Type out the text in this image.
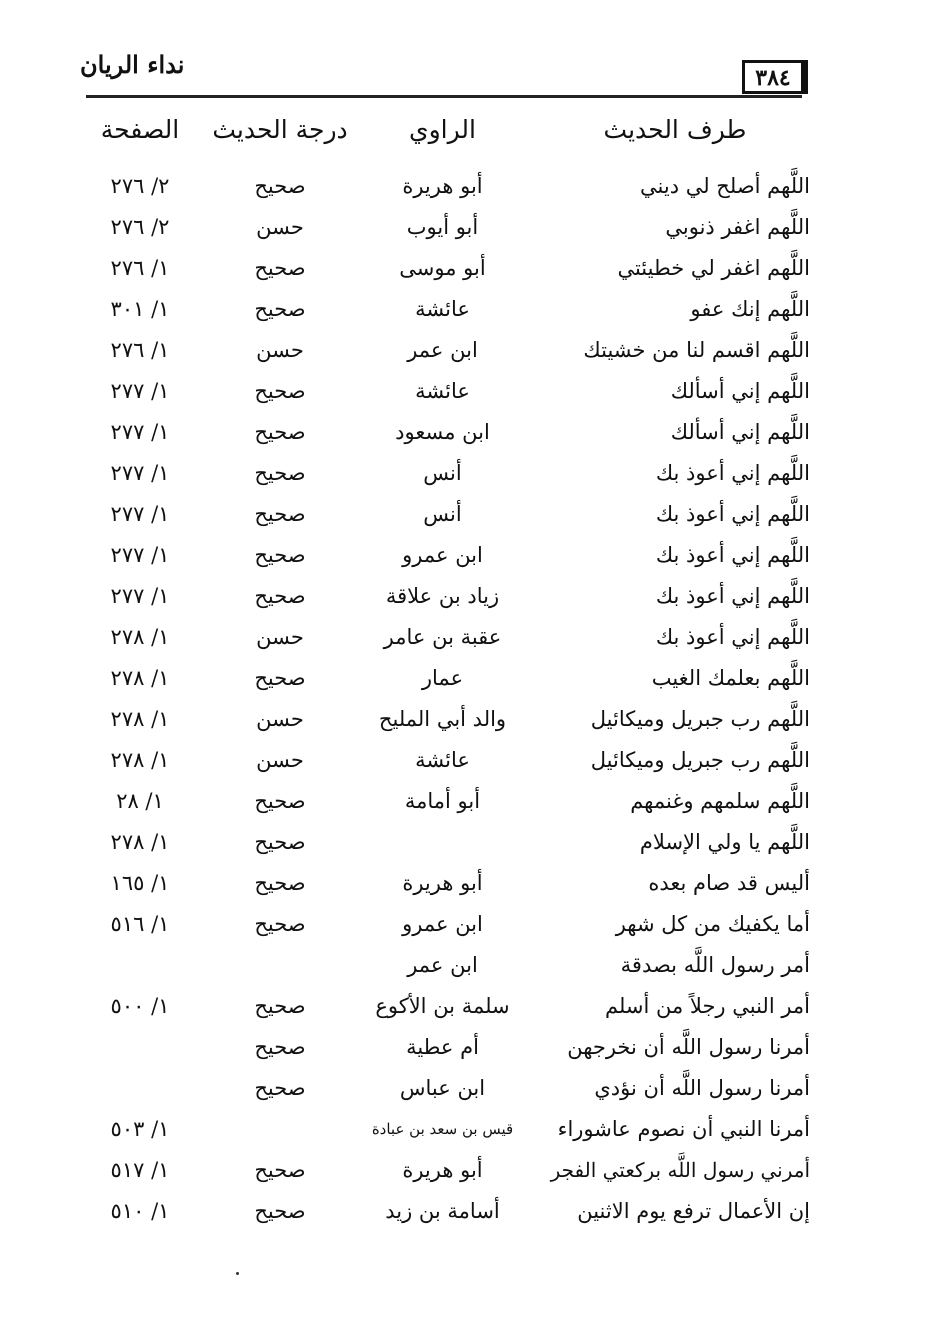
نداء الريان	٣٨٤
طرف الحديث
الراوي
درجة الحديث
الصفحة
اللَّهم أصلح لي ديني
أبو هريرة
صحيح
٢/ ٢٧٦
اللَّهم اغفر ذنوبي
أبو أيوب
حسن
٢/ ٢٧٦
اللَّهم اغفر لي خطيئتي
أبو موسى
صحيح
١/ ٢٧٦
اللَّهم إنك عفو
عائشة
صحيح
١/ ٣٠١
اللَّهم اقسم لنا من خشيتك
ابن عمر
حسن
١/ ٢٧٦
اللَّهم إني أسألك
عائشة
صحيح
١/ ٢٧٧
اللَّهم إني أسألك
ابن مسعود
صحيح
١/ ٢٧٧
اللَّهم إني أعوذ بك
أنس
صحيح
١/ ٢٧٧
اللَّهم إني أعوذ بك
أنس
صحيح
١/ ٢٧٧
اللَّهم إني أعوذ بك
ابن عمرو
صحيح
١/ ٢٧٧
اللَّهم إني أعوذ بك
زياد بن علاقة
صحيح
١/ ٢٧٧
اللَّهم إني أعوذ بك
عقبة بن عامر
حسن
١/ ٢٧٨
اللَّهم بعلمك الغيب
عمار
صحيح
١/ ٢٧٨
اللَّهم رب جبريل وميكائيل
والد أبي المليح
حسن
١/ ٢٧٨
اللَّهم رب جبريل وميكائيل
عائشة
حسن
١/ ٢٧٨
اللَّهم سلمهم وغنمهم
أبو أمامة
صحيح
١/ ٢٨
اللَّهم يا ولي الإسلام
صحيح
١/ ٢٧٨
أليس قد صام بعده
أبو هريرة
صحيح
١/ ١٦٥
أما يكفيك من كل شهر
ابن عمرو
صحيح
١/ ٥١٦
أمر رسول اللَّه بصدقة
ابن عمر
أمر النبي رجلاً من أسلم
سلمة بن الأكوع
صحيح
١/ ٥٠٠
أمرنا رسول اللَّه أن نخرجهن
أم عطية
صحيح
أمرنا رسول اللَّه أن نؤدي
ابن عباس
صحيح
أمرنا النبي أن نصوم عاشوراء
قيس بن سعد بن عبادة
١/ ٥٠٣
أمرني رسول اللَّه بركعتي الفجر
أبو هريرة
صحيح
١/ ٥١٧
إن الأعمال ترفع يوم الاثنين
أسامة بن زيد
صحيح
١/ ٥١٠
